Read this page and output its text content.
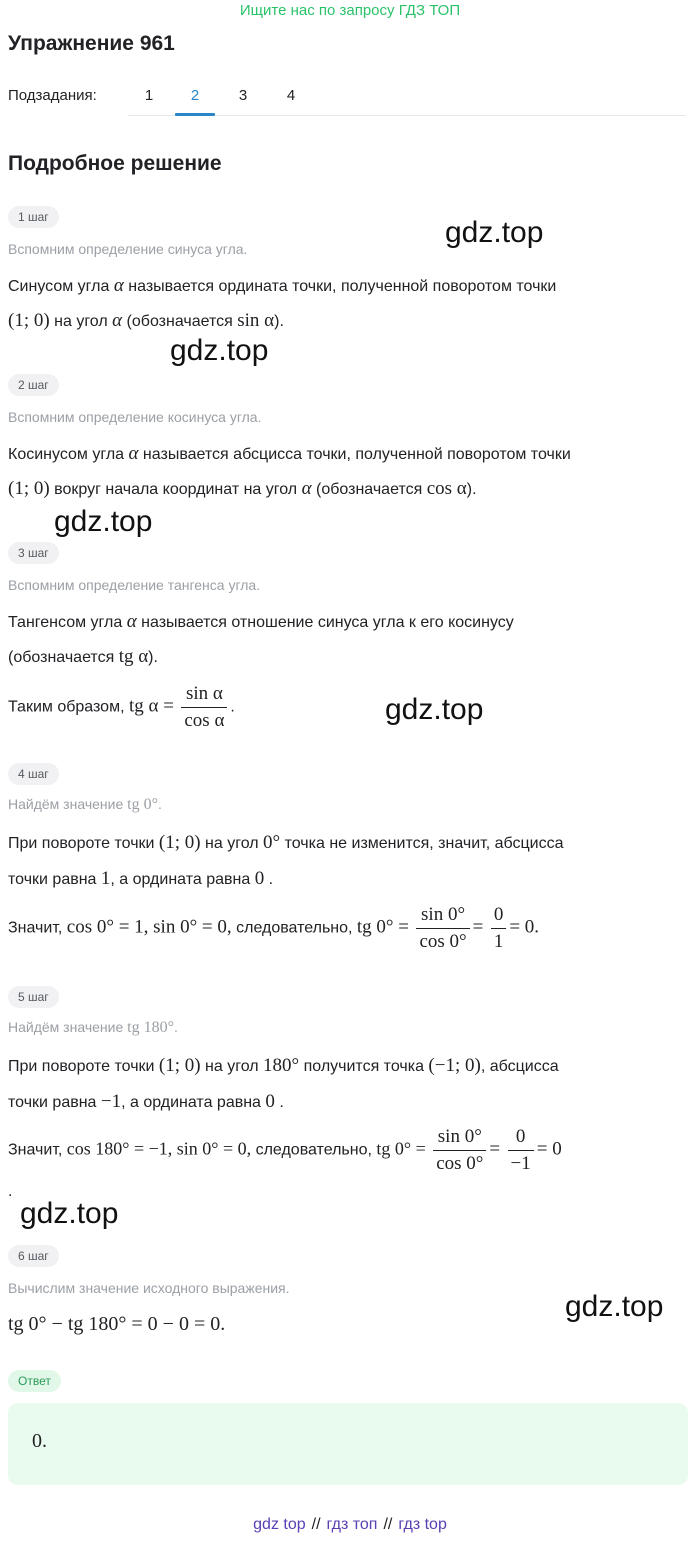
Ищите нас по запросу ГДЗ ТОП
Упражнение 961
Подзадания:	1	2	3	4
Подробное решение
1 шаг
Вспомним определение синуса угла.
Синусом угла α называется ордината точки, полученной поворотом точки
(1; 0) на угол α (обозначается sin α).
2 шаг
Вспомним определение косинуса угла.
Косинусом угла α называется абсцисса точки, полученной поворотом точки
(1; 0) вокруг начала координат на угол α (обозначается cos α).
3 шаг
Вспомним определение тангенса угла.
Тангенсом угла α называется отношение синуса угла к его косинусу
(обозначается tg α).
Таким образом, tg $\alpha = \frac{\text{sin α}}{\text{cos α}}$ .
4 шаг
Найдём значение tg 0°.
При повороте точки (1; 0) на угол 0° точка не изменится, значит, абсцисса
точки равна 1, а ордината равна 0 .
Значит, cos 0° = 1, sin 0° = 0, следовательно, tg $0^\circ = \frac{\sin 0^\circ}{\cos 0^\circ} = \frac{0}{1} = 0$.
5 шаг
Найдём значение tg 180°.
При повороте точки (1; 0) на угол 180° получится точка (−1; 0), абсцисса
точки равна −1, а ордината равна 0 .
Значит, cos 180° = −1, sin 0° = 0, следовательно, tg $0^\circ = \frac{\sin 0^\circ}{\cos 0^\circ} = \frac{0}{-1} = 0$
.
6 шаг
Вычислим значение исходного выражения.
tg 0° − tg 180° = 0 − 0 = 0.
Ответ
0.
gdz.top
gdz.top
gdz.top
gdz.top
gdz.top
gdz.top
gdz top // гдз топ // гдз top
